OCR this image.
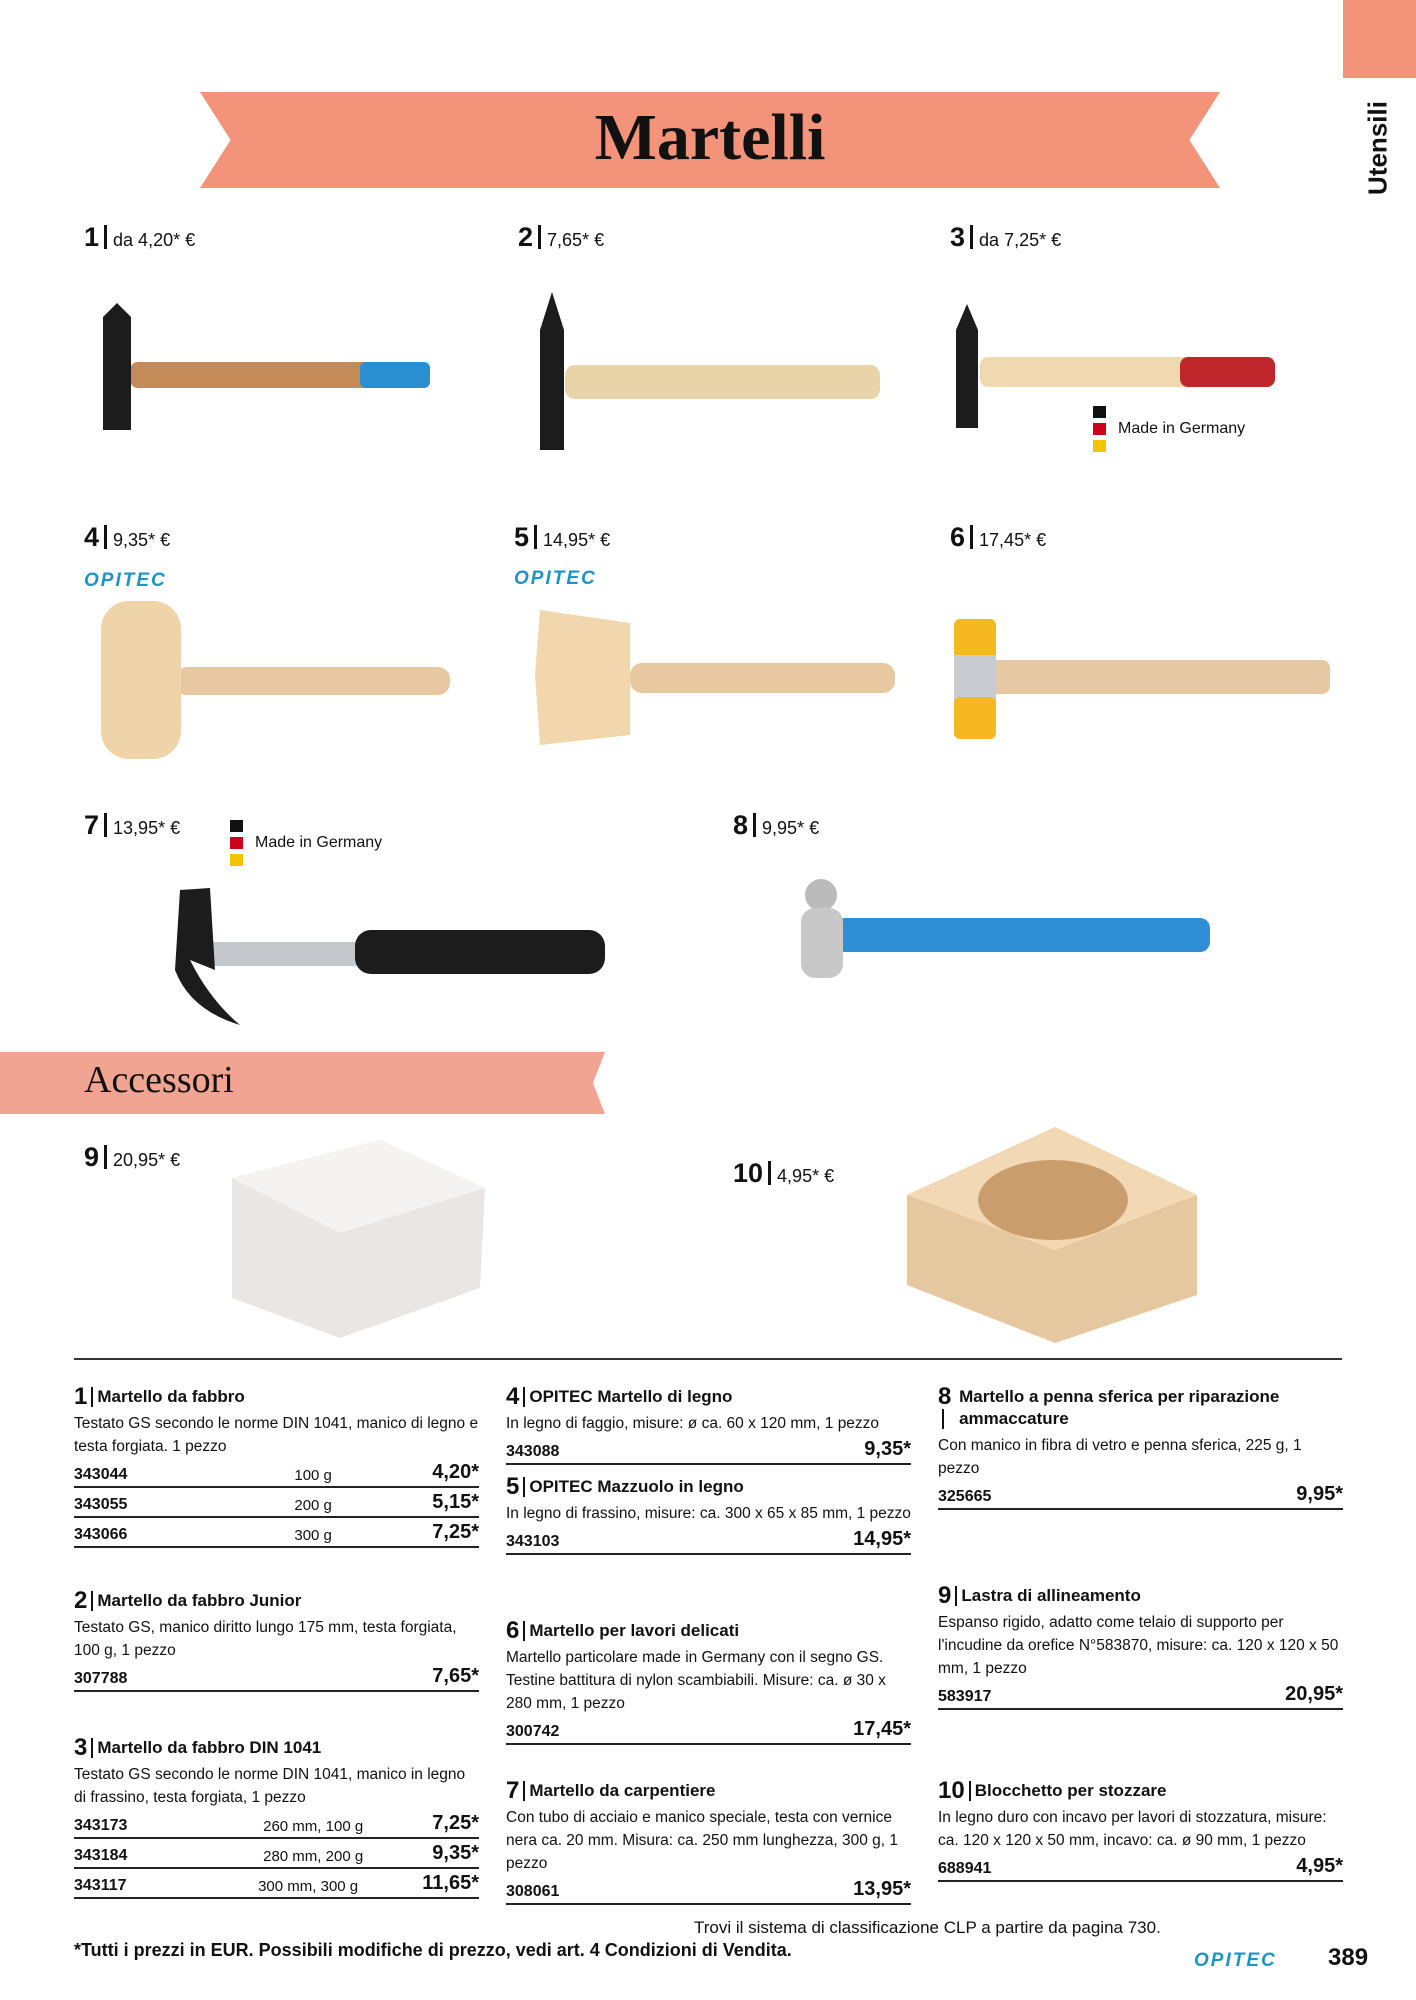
Utensili
Martelli
1 da 4,20* €	2 7,65* €	3 da 7,25* €
Made in Germany
4 9,35* €
OPITEC
5 14,95* €
OPITEC
6 17,45* €
7 13,95* €
Made in Germany
8 9,95* €
Accessori
9 20,95* €	10 4,95* €
1 Martello da fabbro
Testato GS secondo le norme DIN 1041, manico di legno e testa forgiata. 1 pezzo
343044	100 g	4,20*
343055	200 g	5,15*
343066	300 g	7,25*
2 Martello da fabbro Junior
Testato GS, manico diritto lungo 175 mm, testa forgiata, 100 g, 1 pezzo
307788	7,65*
3 Martello da fabbro DIN 1041
Testato GS secondo le norme DIN 1041, manico in legno di frassino, testa forgiata, 1 pezzo
343173	260 mm, 100 g	7,25*
343184	280 mm, 200 g	9,35*
343117	300 mm, 300 g	11,65*
4 OPITEC Martello di legno
In legno di faggio, misure: ø ca. 60 x 120 mm, 1 pezzo
343088	9,35*
5 OPITEC Mazzuolo in legno
In legno di frassino, misure: ca. 300 x 65 x 85 mm, 1 pezzo
343103	14,95*
6 Martello per lavori delicati
Martello particolare made in Germany con il segno GS. Testine battitura di nylon scambiabili. Misure: ca. ø 30 x 280 mm, 1 pezzo
300742	17,45*
7 Martello da carpentiere
Con tubo di acciaio e manico speciale, testa con vernice nera ca. 20 mm. Misura: ca. 250 mm lunghezza, 300 g, 1 pezzo
308061	13,95*
8 Martello a penna sferica per riparazione ammaccature
Con manico in fibra di vetro e penna sferica, 225 g, 1 pezzo
325665	9,95*
9 Lastra di allineamento
Espanso rigido, adatto come telaio di supporto per l'incudine da orefice N°583870, misure: ca. 120 x 120 x 50 mm, 1 pezzo
583917	20,95*
10 Blocchetto per stozzare
In legno duro con incavo per lavori di stozzatura, misure: ca. 120 x 120 x 50 mm, incavo: ca. ø 90 mm, 1 pezzo
688941	4,95*
Trovi il sistema di classificazione CLP a partire da pagina 730.
*Tutti i prezzi in EUR. Possibili modifiche di prezzo, vedi art. 4 Condizioni di Vendita.	OPITEC 389
